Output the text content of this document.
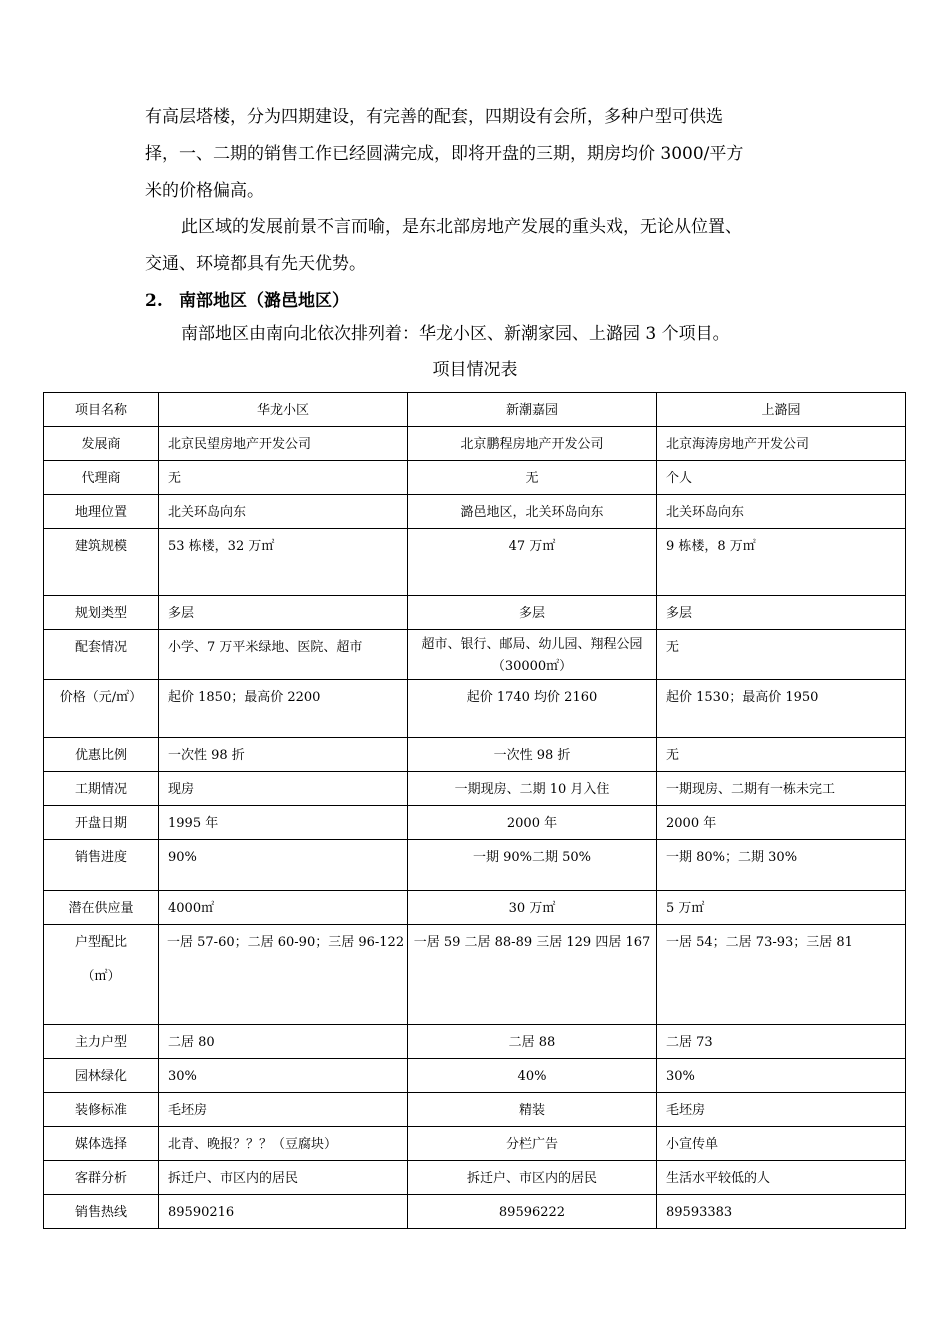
有高层塔楼，分为四期建设，有完善的配套，四期设有会所，多种户型可供选
择，一、二期的销售工作已经圆满完成，即将开盘的三期，期房均价 3000/平方
米的价格偏高。
此区域的发展前景不言而喻，是东北部房地产发展的重头戏，无论从位置、
交通、环境都具有先天优势。
2. 南部地区（潞邑地区）
南部地区由南向北依次排列着：华龙小区、新潮家园、上潞园 3 个项目。
项目情况表
项目名称	华龙小区	新潮嘉园	上潞园
发展商	北京民望房地产开发公司	北京鹏程房地产开发公司	北京海涛房地产开发公司
代理商	无	无	个人
地理位置	北关环岛向东	潞邑地区，北关环岛向东	北关环岛向东
建筑规模	53 栋楼，32 万㎡	47 万㎡	9 栋楼，8 万㎡
规划类型	多层	多层	多层
配套情况	小学、7 万平米绿地、医院、超市	超市、银行、邮局、幼儿园、翔程公园（30000㎡）	无
价格（元/㎡）	起价 1850；最高价 2200	起价 1740 均价 2160	起价 1530；最高价 1950
优惠比例	一次性 98 折	一次性 98 折	无
工期情况	现房	一期现房、二期 10 月入住	一期现房、二期有一栋未完工
开盘日期	1995 年	2000 年	2000 年
销售进度	90%	一期 90%二期 50%	一期 80%；二期 30%
潜在供应量	4000㎡	30 万㎡	5 万㎡
户型配比
（㎡）	一居 57-60；二居 60-90；三居 96-122	一居 59 二居 88-89 三居 129 四居 167	一居 54；二居 73-93；三居 81
主力户型	二居 80	二居 88	二居 73
园林绿化	30%	40%	30%
装修标准	毛坯房	精装	毛坯房
媒体选择	北青、晚报？？？（豆腐块）	分栏广告	小宣传单
客群分析	拆迁户、市区内的居民	拆迁户、市区内的居民	生活水平较低的人
销售热线	89590216	89596222	89593383
